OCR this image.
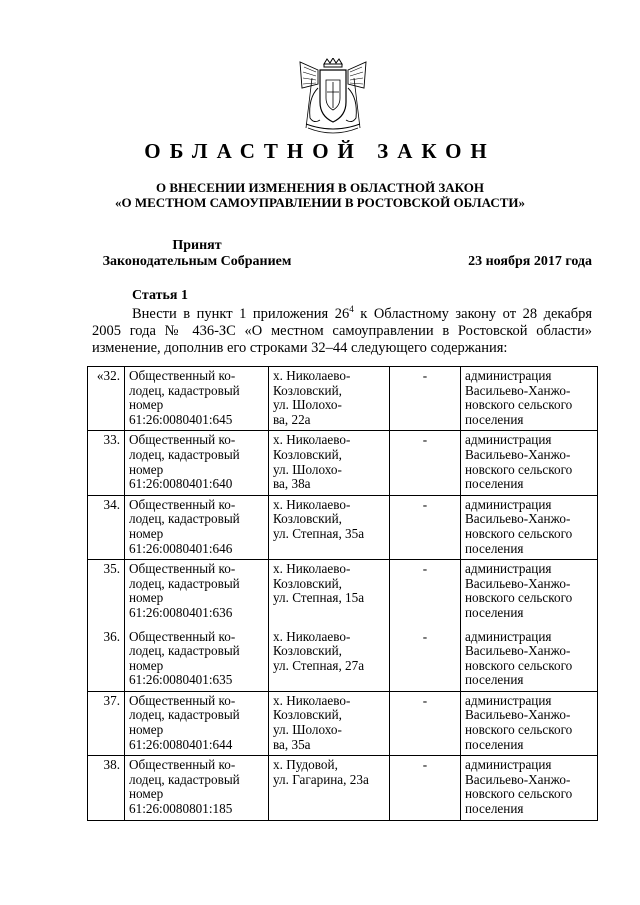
ОБЛАСТНОЙ ЗАКОН
О ВНЕСЕНИИ ИЗМЕНЕНИЯ В ОБЛАСТНОЙ ЗАКОН
«О МЕСТНОМ САМОУПРАВЛЕНИИ В РОСТОВСКОЙ ОБЛАСТИ»
Принят
Законодательным Собранием	23 ноября 2017 года
Статья 1
Внести в пункт 1 приложения $26^4$ к Областному закону от 28 декабря 2005 года № 436-ЗС «О местном самоуправлении в Ростовской области» изменение, дополнив его строками 32–44 следующего содержания:
«32.	Общественный ко-
лодец, кадастровый
номер
61:26:0080401:645	х. Николаево-
Козловский,
ул. Шолохо-
ва, 22а	-	администрация
Васильево-Ханжо-
новского сельского
поселения

33.	Общественный ко-
лодец, кадастровый
номер
61:26:0080401:640	х. Николаево-
Козловский,
ул. Шолохо-
ва, 38а	-	администрация
Васильево-Ханжо-
новского сельского
поселения

34.	Общественный ко-
лодец, кадастровый
номер
61:26:0080401:646	х. Николаево-
Козловский,
ул. Степная, 35а	-	администрация
Васильево-Ханжо-
новского сельского
поселения

35.	Общественный ко-
лодец, кадастровый
номер
61:26:0080401:636	х. Николаево-
Козловский,
ул. Степная, 15а	-	администрация
Васильево-Ханжо-
новского сельского
поселения

36.	Общественный ко-
лодец, кадастровый
номер
61:26:0080401:635	х. Николаево-
Козловский,
ул. Степная, 27а	-	администрация
Васильево-Ханжо-
новского сельского
поселения

37.	Общественный ко-
лодец, кадастровый
номер
61:26:0080401:644	х. Николаево-
Козловский,
ул. Шолохо-
ва, 35а	-	администрация
Васильево-Ханжо-
новского сельского
поселения

38.	Общественный ко-
лодец, кадастровый
номер
61:26:0080801:185	х. Пудовой,
ул. Гагарина, 23а	-	администрация
Васильево-Ханжо-
новского сельского
поселения
